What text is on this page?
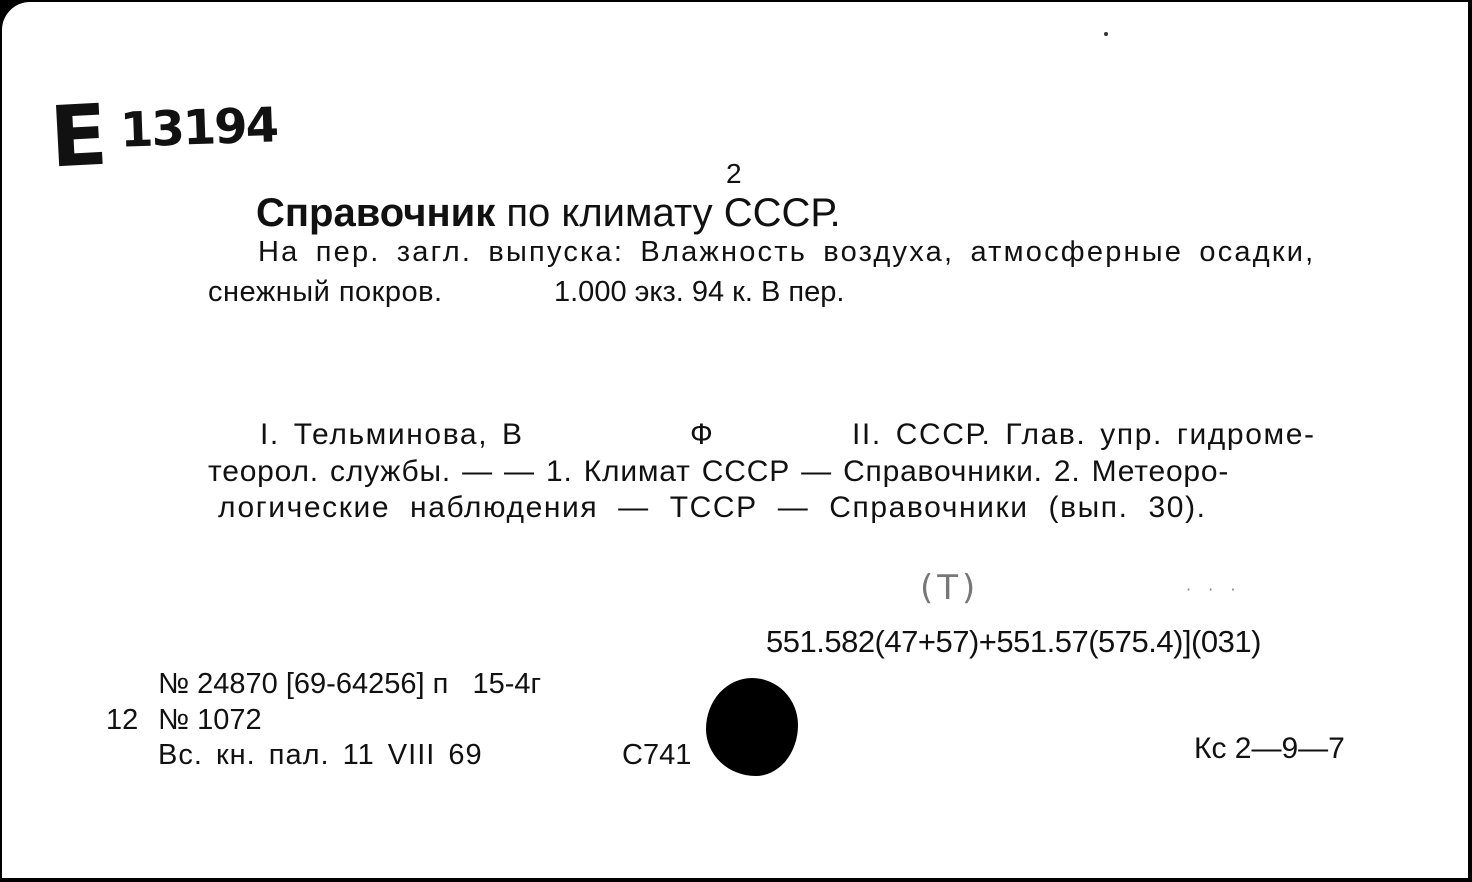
E 13194
2
Справочник по климату СССР.
На пер. загл. выпуска: Влажность воздуха, атмосферные осадки,
снежный покров.	1.000 экз. 94 к. В пер.
I. Тельминова, В	Ф	II. СССР. Глав. упр. гидроме-
теорол. службы. — — 1. Климат СССР — Справочники. 2. Метеоро-
логические наблюдения — ТССР — Справочники (вып. 30).
(Т)	· · ·
551.582(47+57)+551.57(575.4)](031)
№ 24870 [69-64256] п   15-4г
12 № 1072
Вс. кн. пал. 11 VIII 69	С741	Кс 2—9—7
